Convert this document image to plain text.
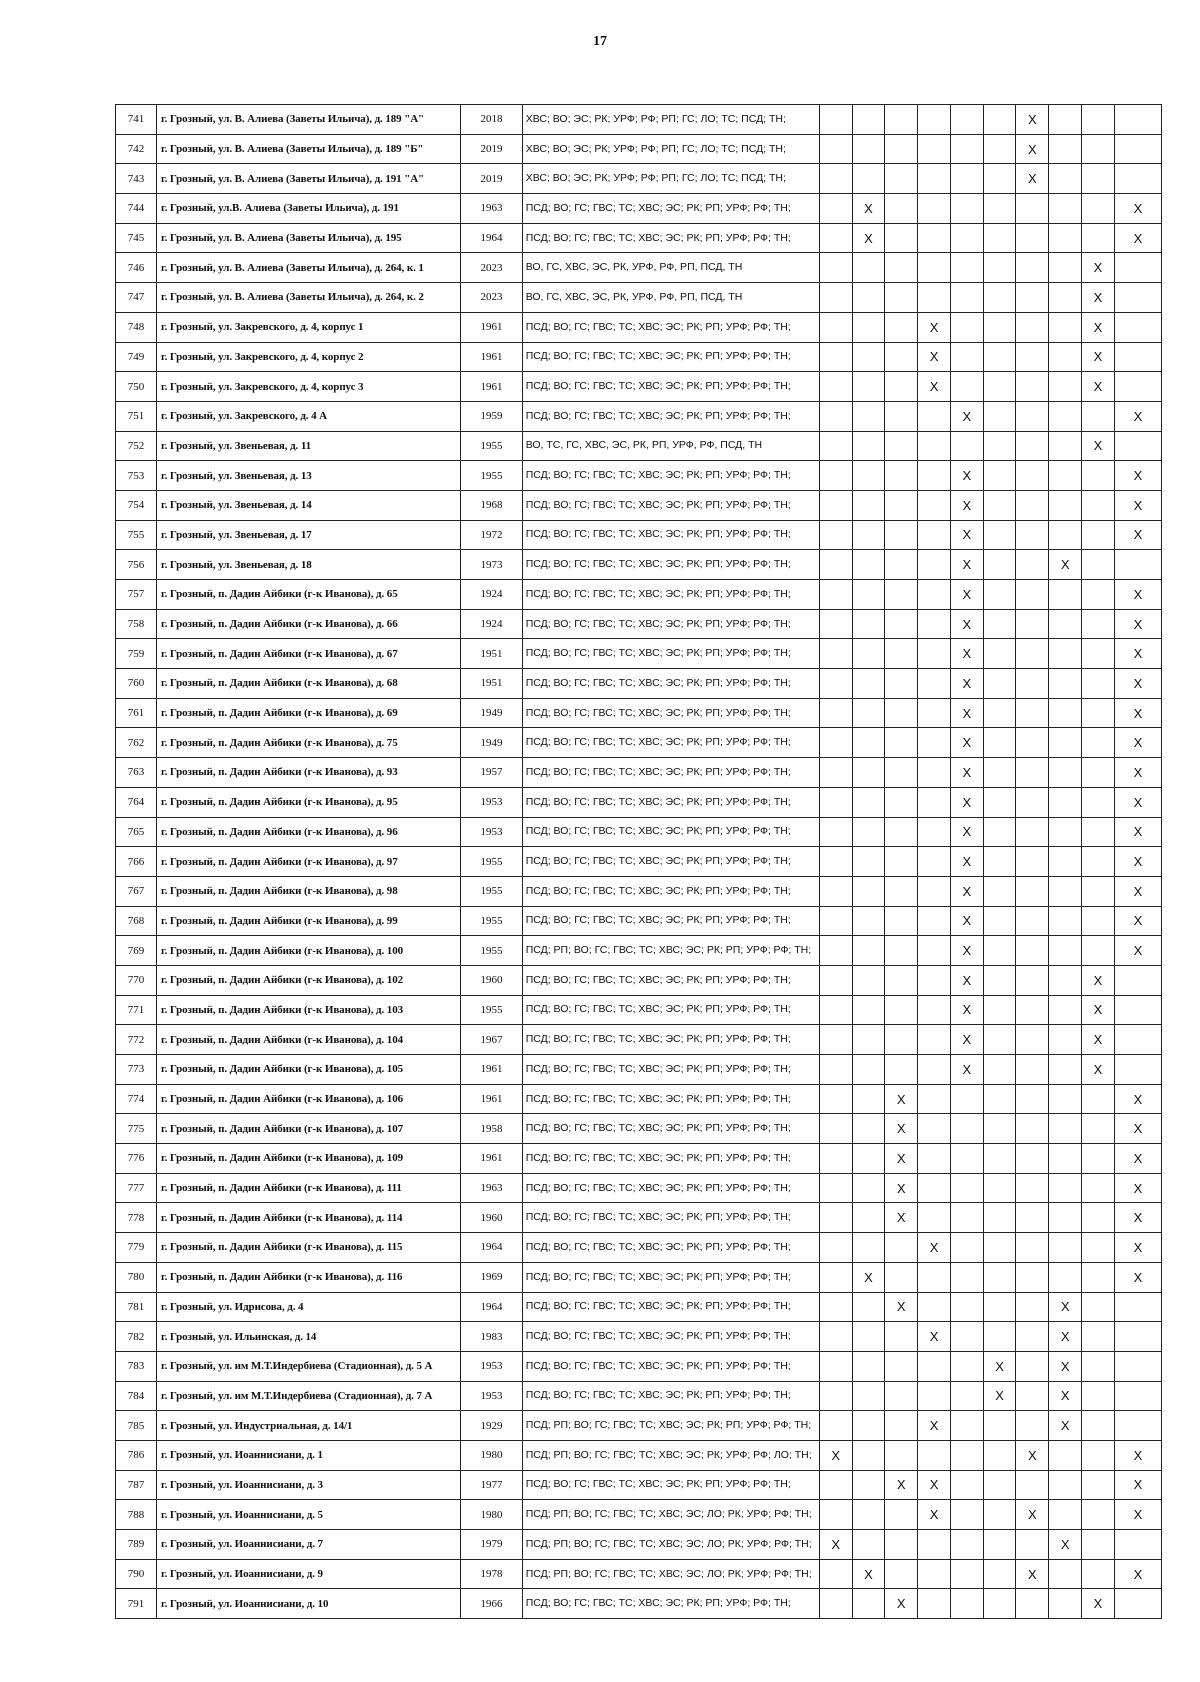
17
741	г. Грозный, ул. В. Алиева (Заветы Ильича), д. 189 "А"	2018	ХВС; ВО; ЭС; РК; УРФ; РФ; РП; ГС; ЛО; ТС; ПСД; ТН;							X			
742	г. Грозный, ул. В. Алиева (Заветы Ильича), д. 189 "Б"	2019	ХВС; ВО; ЭС; РК; УРФ; РФ; РП; ГС; ЛО; ТС; ПСД; ТН;							X			
743	г. Грозный, ул. В. Алиева (Заветы Ильича), д. 191 "А"	2019	ХВС; ВО; ЭС; РК; УРФ; РФ; РП; ГС; ЛО; ТС; ПСД; ТН;							X			
744	г. Грозный, ул.В. Алиева (Заветы Ильича), д. 191	1963	ПСД; ВО; ГС; ГВС; ТС; ХВС; ЭС; РК; РП; УРФ; РФ; ТН;		X								X
745	г. Грозный, ул. В. Алиева (Заветы Ильича), д. 195	1964	ПСД; ВО; ГС; ГВС; ТС; ХВС; ЭС; РК; РП; УРФ; РФ; ТН;		X								X
746	г. Грозный, ул. В. Алиева (Заветы Ильича), д. 264, к. 1	2023	ВО, ГС, ХВС, ЭС, РК, УРФ, РФ, РП, ПСД, ТН									X	
747	г. Грозный, ул. В. Алиева (Заветы Ильича), д. 264, к. 2	2023	ВО, ГС, ХВС, ЭС, РК, УРФ, РФ, РП, ПСД, ТН									X	
748	г. Грозный, ул. Закревского, д. 4, корпус 1	1961	ПСД; ВО; ГС; ГВС; ТС; ХВС; ЭС; РК; РП; УРФ; РФ; ТН;				X					X	
749	г. Грозный, ул. Закревского, д. 4, корпус 2	1961	ПСД; ВО; ГС; ГВС; ТС; ХВС; ЭС; РК; РП; УРФ; РФ; ТН;				X					X	
750	г. Грозный, ул. Закревского, д. 4, корпус 3	1961	ПСД; ВО; ГС; ГВС; ТС; ХВС; ЭС; РК; РП; УРФ; РФ; ТН;				X					X	
751	г. Грозный, ул. Закревского, д. 4 А	1959	ПСД; ВО; ГС; ГВС; ТС; ХВС; ЭС; РК; РП; УРФ; РФ; ТН;					X					X
752	г. Грозный, ул. Звеньевая, д. 11	1955	ВО, ТС, ГС, ХВС, ЭС, РК, РП, УРФ, РФ, ПСД, ТН									X	
753	г. Грозный, ул. Звеньевая, д. 13	1955	ПСД; ВО; ГС; ГВС; ТС; ХВС; ЭС; РК; РП; УРФ; РФ; ТН;					X					X
754	г. Грозный, ул. Звеньевая, д. 14	1968	ПСД; ВО; ГС; ГВС; ТС; ХВС; ЭС; РК; РП; УРФ; РФ; ТН;					X					X
755	г. Грозный, ул. Звеньевая, д. 17	1972	ПСД; ВО; ГС; ГВС; ТС; ХВС; ЭС; РК; РП; УРФ; РФ; ТН;					X					X
756	г. Грозный, ул. Звеньевая, д. 18	1973	ПСД; ВО; ГС; ГВС; ТС; ХВС; ЭС; РК; РП; УРФ; РФ; ТН;					X			X		
757	г. Грозный, п. Дадин Айбики (г-к Иванова), д. 65	1924	ПСД; ВО; ГС; ГВС; ТС; ХВС; ЭС; РК; РП; УРФ; РФ; ТН;					X					X
758	г. Грозный, п. Дадин Айбики (г-к Иванова), д. 66	1924	ПСД; ВО; ГС; ГВС; ТС; ХВС; ЭС; РК; РП; УРФ; РФ; ТН;					X					X
759	г. Грозный, п. Дадин Айбики (г-к Иванова), д. 67	1951	ПСД; ВО; ГС; ГВС; ТС; ХВС; ЭС; РК; РП; УРФ; РФ; ТН;					X					X
760	г. Грозный, п. Дадин Айбики (г-к Иванова), д. 68	1951	ПСД; ВО; ГС; ГВС; ТС; ХВС; ЭС; РК; РП; УРФ; РФ; ТН;					X					X
761	г. Грозный, п. Дадин Айбики (г-к Иванова), д. 69	1949	ПСД; ВО; ГС; ГВС; ТС; ХВС; ЭС; РК; РП; УРФ; РФ; ТН;					X					X
762	г. Грозный, п. Дадин Айбики (г-к Иванова), д. 75	1949	ПСД; ВО; ГС; ГВС; ТС; ХВС; ЭС; РК; РП; УРФ; РФ; ТН;					X					X
763	г. Грозный, п. Дадин Айбики (г-к Иванова), д. 93	1957	ПСД; ВО; ГС; ГВС; ТС; ХВС; ЭС; РК; РП; УРФ; РФ; ТН;					X					X
764	г. Грозный, п. Дадин Айбики (г-к Иванова), д. 95	1953	ПСД; ВО; ГС; ГВС; ТС; ХВС; ЭС; РК; РП; УРФ; РФ; ТН;					X					X
765	г. Грозный, п. Дадин Айбики (г-к Иванова), д. 96	1953	ПСД; ВО; ГС; ГВС; ТС; ХВС; ЭС; РК; РП; УРФ; РФ; ТН;					X					X
766	г. Грозный, п. Дадин Айбики (г-к Иванова), д. 97	1955	ПСД; ВО; ГС; ГВС; ТС; ХВС; ЭС; РК; РП; УРФ; РФ; ТН;					X					X
767	г. Грозный, п. Дадин Айбики (г-к Иванова), д. 98	1955	ПСД; ВО; ГС; ГВС; ТС; ХВС; ЭС; РК; РП; УРФ; РФ; ТН;					X					X
768	г. Грозный, п. Дадин Айбики (г-к Иванова), д. 99	1955	ПСД; ВО; ГС; ГВС; ТС; ХВС; ЭС; РК; РП; УРФ; РФ; ТН;					X					X
769	г. Грозный, п. Дадин Айбики (г-к Иванова), д. 100	1955	ПСД; РП; ВО; ГС; ГВС; ТС; ХВС; ЭС; РК; РП; УРФ; РФ; ТН;					X					X
770	г. Грозный, п. Дадин Айбики (г-к Иванова), д. 102	1960	ПСД; ВО; ГС; ГВС; ТС; ХВС; ЭС; РК; РП; УРФ; РФ; ТН;					X				X	
771	г. Грозный, п. Дадин Айбики (г-к Иванова), д. 103	1955	ПСД; ВО; ГС; ГВС; ТС; ХВС; ЭС; РК; РП; УРФ; РФ; ТН;					X				X	
772	г. Грозный, п. Дадин Айбики (г-к Иванова), д. 104	1967	ПСД; ВО; ГС; ГВС; ТС; ХВС; ЭС; РК; РП; УРФ; РФ; ТН;					X				X	
773	г. Грозный, п. Дадин Айбики (г-к Иванова), д. 105	1961	ПСД; ВО; ГС; ГВС; ТС; ХВС; ЭС; РК; РП; УРФ; РФ; ТН;					X				X	
774	г. Грозный, п. Дадин Айбики (г-к Иванова), д. 106	1961	ПСД; ВО; ГС; ГВС; ТС; ХВС; ЭС; РК; РП; УРФ; РФ; ТН;			X							X
775	г. Грозный, п. Дадин Айбики (г-к Иванова), д. 107	1958	ПСД; ВО; ГС; ГВС; ТС; ХВС; ЭС; РК; РП; УРФ; РФ; ТН;			X							X
776	г. Грозный, п. Дадин Айбики (г-к Иванова), д. 109	1961	ПСД; ВО; ГС; ГВС; ТС; ХВС; ЭС; РК; РП; УРФ; РФ; ТН;			X							X
777	г. Грозный, п. Дадин Айбики (г-к Иванова), д. 111	1963	ПСД; ВО; ГС; ГВС; ТС; ХВС; ЭС; РК; РП; УРФ; РФ; ТН;			X							X
778	г. Грозный, п. Дадин Айбики (г-к Иванова), д. 114	1960	ПСД; ВО; ГС; ГВС; ТС; ХВС; ЭС; РК; РП; УРФ; РФ; ТН;			X							X
779	г. Грозный, п. Дадин Айбики (г-к Иванова), д. 115	1964	ПСД; ВО; ГС; ГВС; ТС; ХВС; ЭС; РК; РП; УРФ; РФ; ТН;				X						X
780	г. Грозный, п. Дадин Айбики (г-к Иванова), д. 116	1969	ПСД; ВО; ГС; ГВС; ТС; ХВС; ЭС; РК; РП; УРФ; РФ; ТН;		X								X
781	г. Грозный, ул. Идрисова, д. 4	1964	ПСД; ВО; ГС; ГВС; ТС; ХВС; ЭС; РК; РП; УРФ; РФ; ТН;			X					X		
782	г. Грозный, ул. Ильинская, д. 14	1983	ПСД; ВО; ГС; ГВС; ТС; ХВС; ЭС; РК; РП; УРФ; РФ; ТН;				X				X		
783	г. Грозный, ул. им М.Т.Индербиева (Стадионная), д. 5 А	1953	ПСД; ВО; ГС; ГВС; ТС; ХВС; ЭС; РК; РП; УРФ; РФ; ТН;						X		X		
784	г. Грозный, ул. им М.Т.Индербиева (Стадионная), д. 7 А	1953	ПСД; ВО; ГС; ГВС; ТС; ХВС; ЭС; РК; РП; УРФ; РФ; ТН;						X		X		
785	г. Грозный, ул. Индустриальная, д. 14/1	1929	ПСД; РП; ВО; ГС; ГВС; ТС; ХВС; ЭС; РК; РП; УРФ; РФ; ТН;				X				X		
786	г. Грозный, ул. Иоаннисиани, д. 1	1980	ПСД; РП; ВО; ГС; ГВС; ТС; ХВС; ЭС; РК; УРФ; РФ; ЛО; ТН;	X						X			X
787	г. Грозный, ул. Иоаннисиани, д. 3	1977	ПСД; ВО; ГС; ГВС; ТС; ХВС; ЭС; РК; РП; УРФ; РФ; ТН;			X	X						X
788	г. Грозный, ул. Иоаннисиани, д. 5	1980	ПСД; РП; ВО; ГС; ГВС; ТС; ХВС; ЭС; ЛО; РК; УРФ; РФ; ТН;				X			X			X
789	г. Грозный, ул. Иоаннисиани, д. 7	1979	ПСД; РП; ВО; ГС; ГВС; ТС; ХВС; ЭС; ЛО; РК; УРФ; РФ; ТН;	X							X		
790	г. Грозный, ул. Иоаннисиани, д. 9	1978	ПСД; РП; ВО; ГС; ГВС; ТС; ХВС; ЭС; ЛО; РК; УРФ; РФ; ТН;		X					X			X
791	г. Грозный, ул. Иоаннисиани, д. 10	1966	ПСД; ВО; ГС; ГВС; ТС; ХВС; ЭС; РК; РП; УРФ; РФ; ТН;			X						X	
